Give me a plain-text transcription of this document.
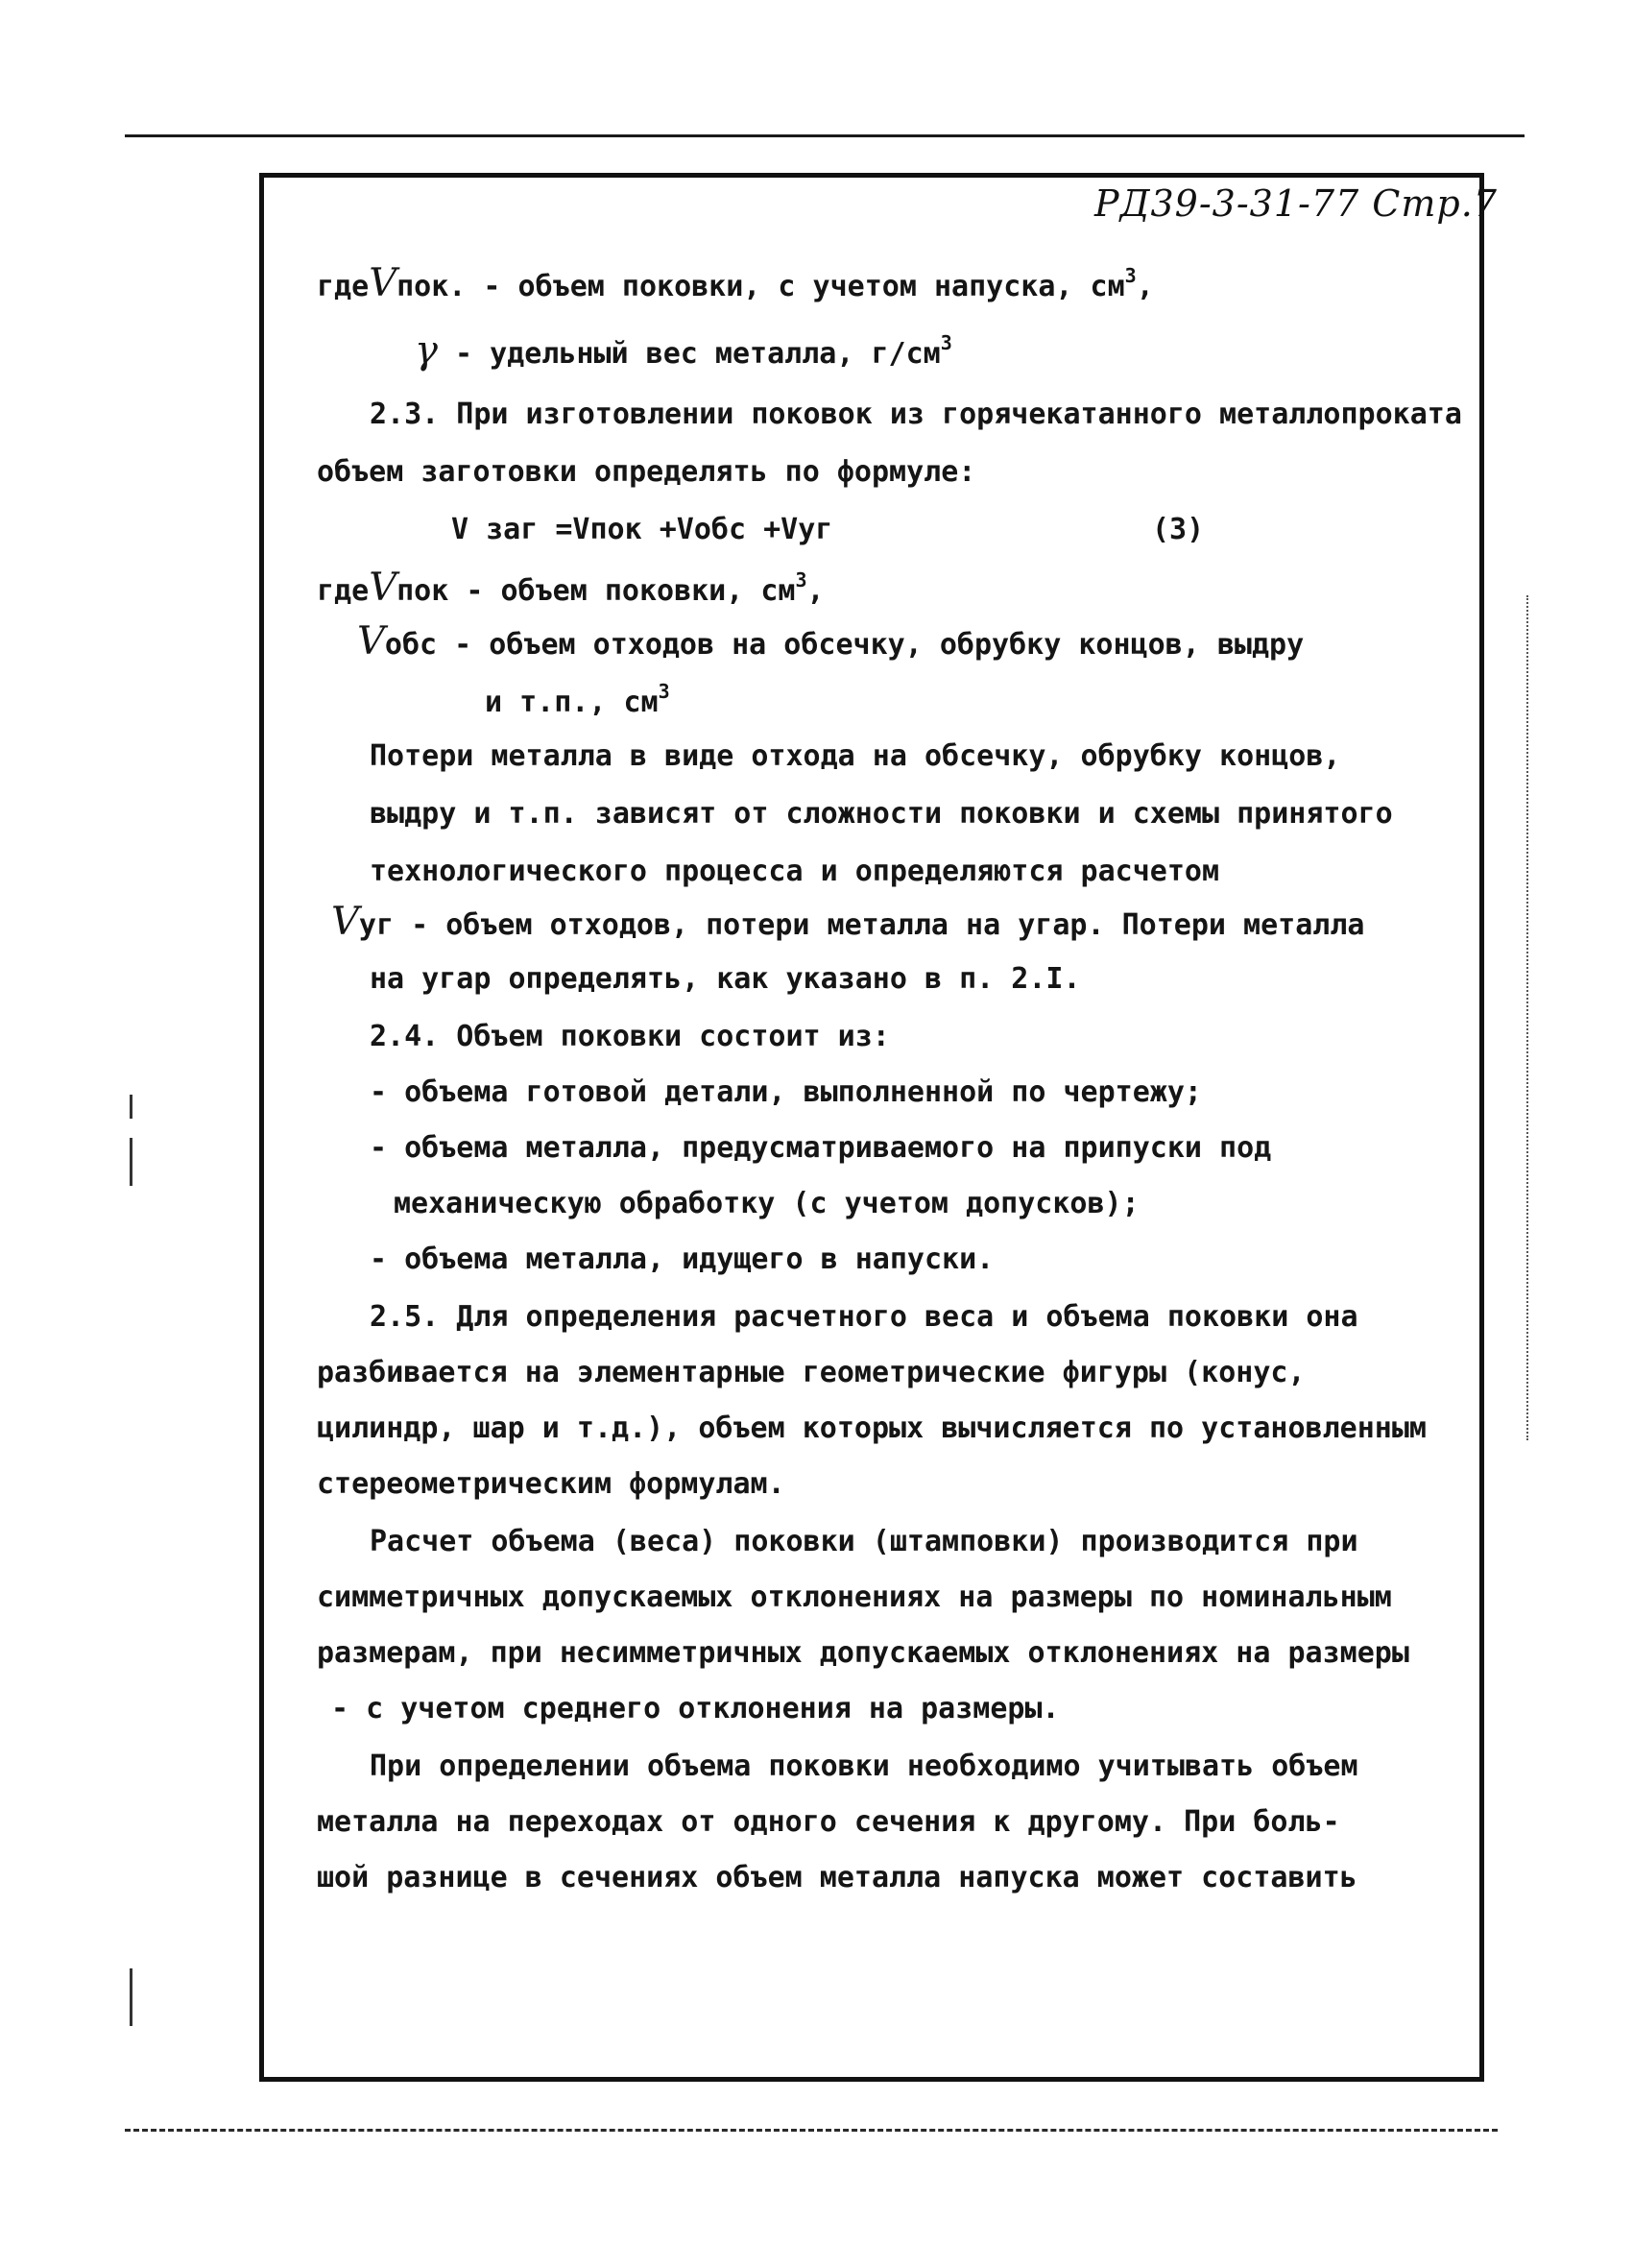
РД39-3-31-77 Стр.7
гдеVпок. - объем поковки, с учетом напуска, $см^3$,
γ - удельный вес металла, $г/см^3$
2.3. При изготовлении поковок из горячекатанного металлопроката
объем заготовки определять по формуле:
V заг =Vпок +Vобс +Vуг	(3)
гдеVпок - объем поковки, $см^3$,
Vобс - объем отходов на обсечку, обрубку концов, выдру
и т.п., $см^3$
Потери металла в виде отхода на обсечку, обрубку концов,
выдру и т.п. зависят от сложности поковки и схемы принятого
технологического процесса и определяются расчетом
Vуг - объем отходов, потери металла на угар. Потери металла
на угар определять, как указано в п. 2.I.
2.4. Объем поковки состоит из:
- объема готовой детали, выполненной по чертежу;
- объема металла, предусматриваемого на припуски под
механическую обработку (с учетом допусков);
- объема металла, идущего в напуски.
2.5. Для определения расчетного веса и объема поковки она
разбивается на элементарные геометрические фигуры (конус,
цилиндр, шар и т.д.), объем которых вычисляется по установленным
стереометрическим формулам.
Расчет объема (веса) поковки (штамповки) производится при
симметричных допускаемых отклонениях на размеры по номинальным
размерам, при несимметричных допускаемых отклонениях на размеры
- с учетом среднего отклонения на размеры.
При определении объема поковки необходимо учитывать объем
металла на переходах от одного сечения к другому. При боль-
шой разнице в сечениях объем металла напуска может составить
